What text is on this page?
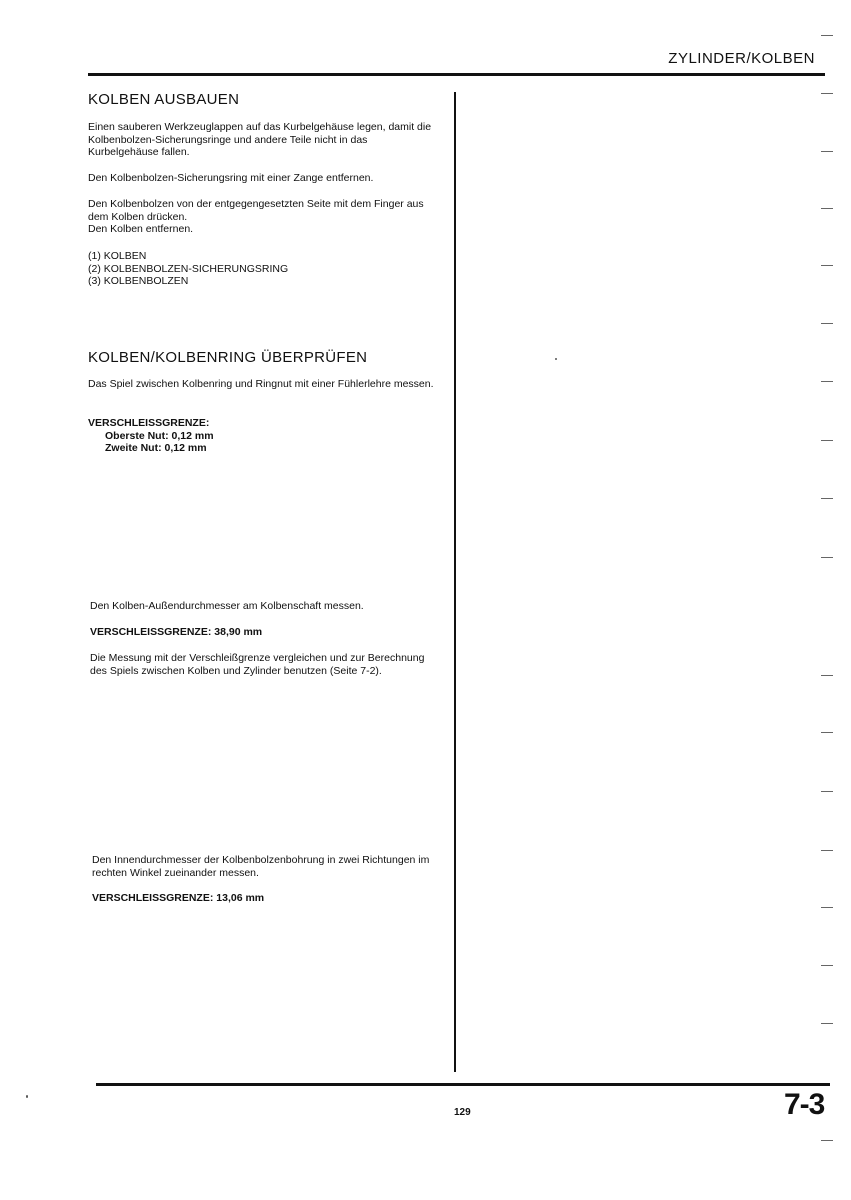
ZYLINDER/KOLBEN
KOLBEN AUSBAUEN
Einen sauberen Werkzeuglappen auf das Kurbelgehäuse legen, damit die Kolbenbolzen-Sicherungsringe und andere Teile nicht in das Kurbelgehäuse fallen.
Den Kolbenbolzen-Sicherungsring mit einer Zange entfernen.
Den Kolbenbolzen von der entgegengesetzten Seite mit dem Finger aus dem Kolben drücken.
Den Kolben entfernen.
(1) KOLBEN
(2) KOLBENBOLZEN-SICHERUNGSRING
(3) KOLBENBOLZEN
KOLBEN/KOLBENRING ÜBERPRÜFEN
Das Spiel zwischen Kolbenring und Ringnut mit einer Fühlerlehre messen.
VERSCHLEISSGRENZE:
Oberste Nut: 0,12 mm
Zweite Nut: 0,12 mm
Den Kolben-Außendurchmesser am Kolbenschaft messen.
VERSCHLEISSGRENZE: 38,90 mm
Die Messung mit der Verschleißgrenze vergleichen und zur Berechnung des Spiels zwischen Kolben und Zylinder benutzen (Seite 7-2).
Den Innendurchmesser der Kolbenbolzenbohrung in zwei Richtungen im rechten Winkel zueinander messen.
VERSCHLEISSGRENZE: 13,06 mm
129	7-3
